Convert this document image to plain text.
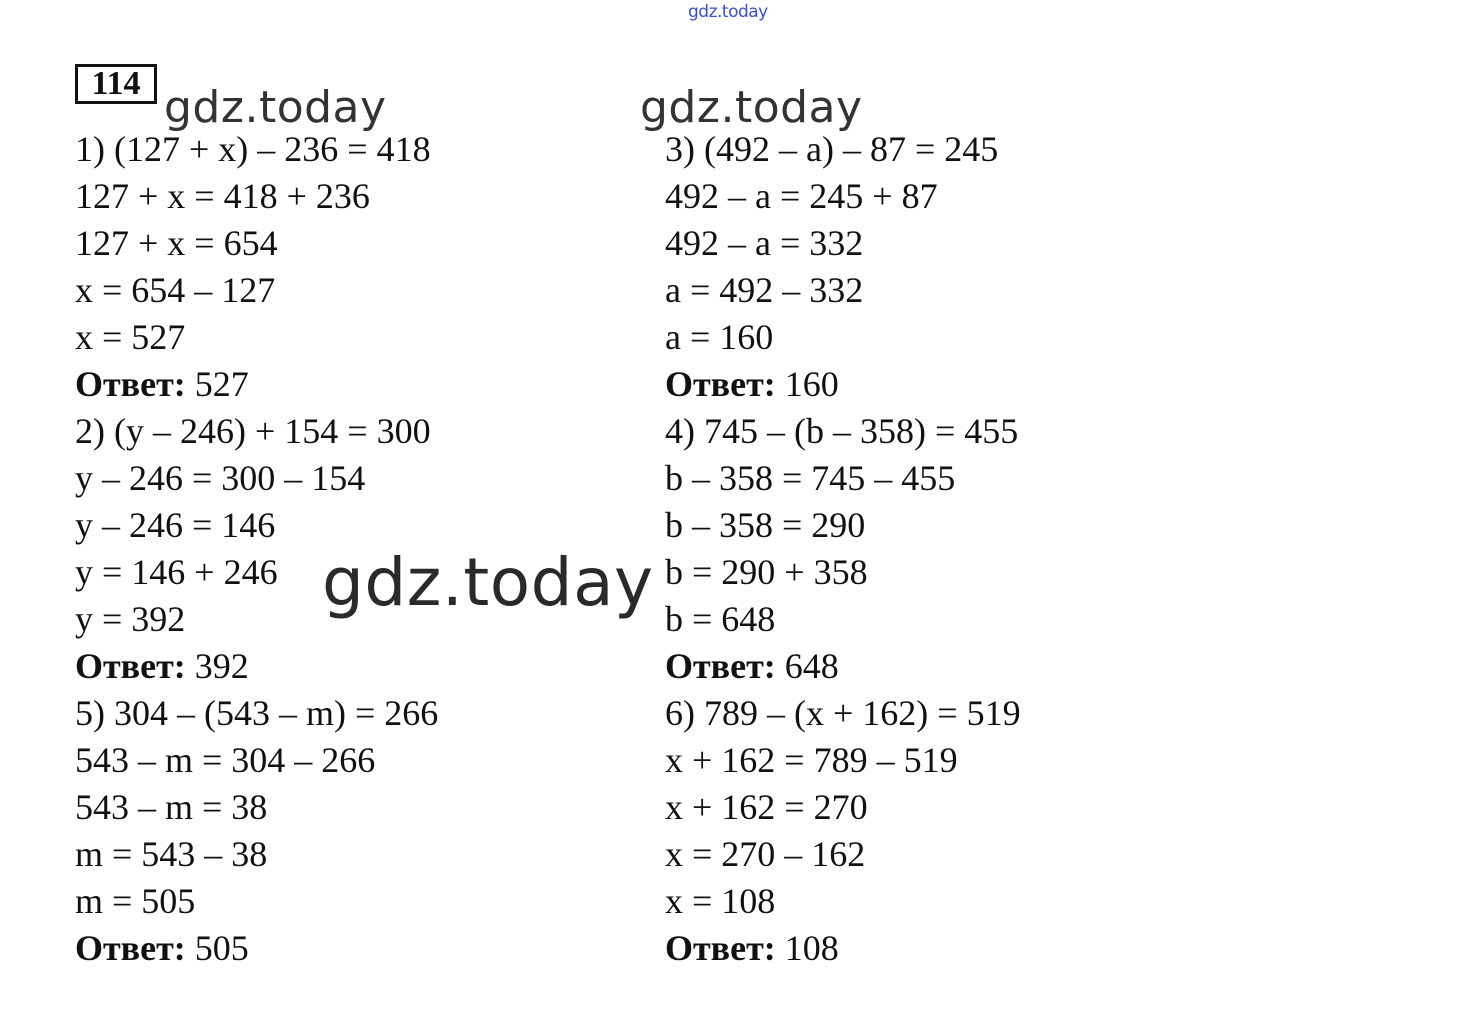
gdz.today
114 gdz.today	gdz.today
1) (127 + x) – 236 = 418
127 + x = 418 + 236
127 + x = 654
x = 654 – 127
x = 527
Ответ: 527
3) (492 – a) – 87 = 245
492 – a = 245 + 87
492 – a = 332
a = 492 – 332
a = 160
Ответ: 160
2) (y – 246) + 154 = 300
y – 246 = 300 – 154
y – 246 = 146
y = 146 + 246
y = 392
Ответ: 392
4) 745 – (b – 358) = 455
b – 358 = 745 – 455
b – 358 = 290
b = 290 + 358
b = 648
Ответ: 648
5) 304 – (543 – m) = 266
543 – m = 304 – 266
543 – m = 38
m = 543 – 38
m = 505
Ответ: 505
6) 789 – (x + 162) = 519
x + 162 = 789 – 519
x + 162 = 270
x = 270 – 162
x = 108
Ответ: 108
gdz.today
